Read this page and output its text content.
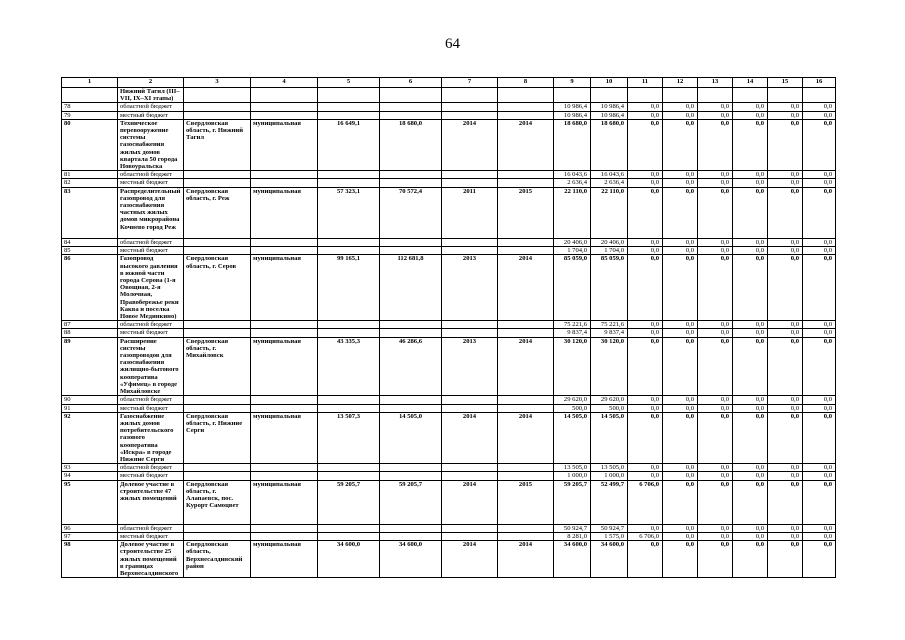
64
1	2	3	4	5	6	7	8	9	10	11	12	13	14	15	16
	Нижний Тагил (III–VII, IX–XI этапы)														
78	областной бюджет							10 986,4	10 986,4	0,0	0,0	0,0	0,0	0,0	0,0
79	местный бюджет							10 986,4	10 986,4	0,0	0,0	0,0	0,0	0,0	0,0
80	Техническое перевооружение системы газоснабжения жилых домов квартала 50 города Новоуральска	Свердловская область, г. Нижний Тагил	муниципальная	16 649,1	18 680,0	2014	2014	18 680,0	18 680,0	0,0	0,0	0,0	0,0	0,0	0,0
81	областной бюджет							16 043,6	16 043,6	0,0	0,0	0,0	0,0	0,0	0,0
82	местный бюджет							2 636,4	2 636,4	0,0	0,0	0,0	0,0	0,0	0,0
83	Распределительный газопровод для газоснабжения частных жилых домов микрорайона Кочнево город Реж	Свердловская область, г. Реж	муниципальная	57 323,1	70 572,4	2011	2015	22 110,0	22 110,0	0,0	0,0	0,0	0,0	0,0	0,0
84	областной бюджет							20 406,0	20 406,0	0,0	0,0	0,0	0,0	0,0	0,0
85	местный бюджет							1 704,0	1 704,0	0,0	0,0	0,0	0,0	0,0	0,0
86	Газопровод высокого давления в южной части города Серова (1-я Овощная, 2-я Молочная, Правобережье реки Каква и поселка Новое Мединкино)	Свердловская область, г. Серов	муниципальная	99 165,1	112 681,8	2013	2014	85 059,0	85 059,0	0,0	0,0	0,0	0,0	0,0	0,0
87	областной бюджет							75 221,6	75 221,6	0,0	0,0	0,0	0,0	0,0	0,0
88	местный бюджет							9 837,4	9 837,4	0,0	0,0	0,0	0,0	0,0	0,0
89	Расширение системы газопроводов для газоснабжения жилищно-бытового кооператива «Уфимец» в городе Михайловске	Свердловская область, г. Михайловск	муниципальная	43 335,3	46 286,6	2013	2014	30 120,0	30 120,0	0,0	0,0	0,0	0,0	0,0	0,0
90	областной бюджет							29 620,0	29 620,0	0,0	0,0	0,0	0,0	0,0	0,0
91	местный бюджет							500,0	500,0	0,0	0,0	0,0	0,0	0,0	0,0
92	Газоснабжение жилых домов потребительского газового кооператива «Искра» в городе Нижние Серги	Свердловская область, г. Нижние Серги	муниципальная	13 507,3	14 505,0	2014	2014	14 505,0	14 505,0	0,0	0,0	0,0	0,0	0,0	0,0
93	областной бюджет							13 505,0	13 505,0	0,0	0,0	0,0	0,0	0,0	0,0
94	местный бюджет							1 000,0	1 000,0	0,0	0,0	0,0	0,0	0,0	0,0
95	Долевое участие в строительстве 47 жилых помещений	Свердловская область, г. Алапаевск, пос. Курорт Самоцвет	муниципальная	59 205,7	59 205,7	2014	2015	59 205,7	52 499,7	6 706,0	0,0	0,0	0,0	0,0	0,0
96	областной бюджет							50 924,7	50 924,7	0,0	0,0	0,0	0,0	0,0	0,0
97	местный бюджет							8 281,0	1 575,0	6 706,0	0,0	0,0	0,0	0,0	0,0
98	Долевое участие в строительстве 25 жилых помещений в границах Верхнесалдинского	Свердловская область, Верхнесалдинский район	муниципальная	34 600,0	34 600,0	2014	2014	34 600,0	34 600,0	0,0	0,0	0,0	0,0	0,0	0,0
